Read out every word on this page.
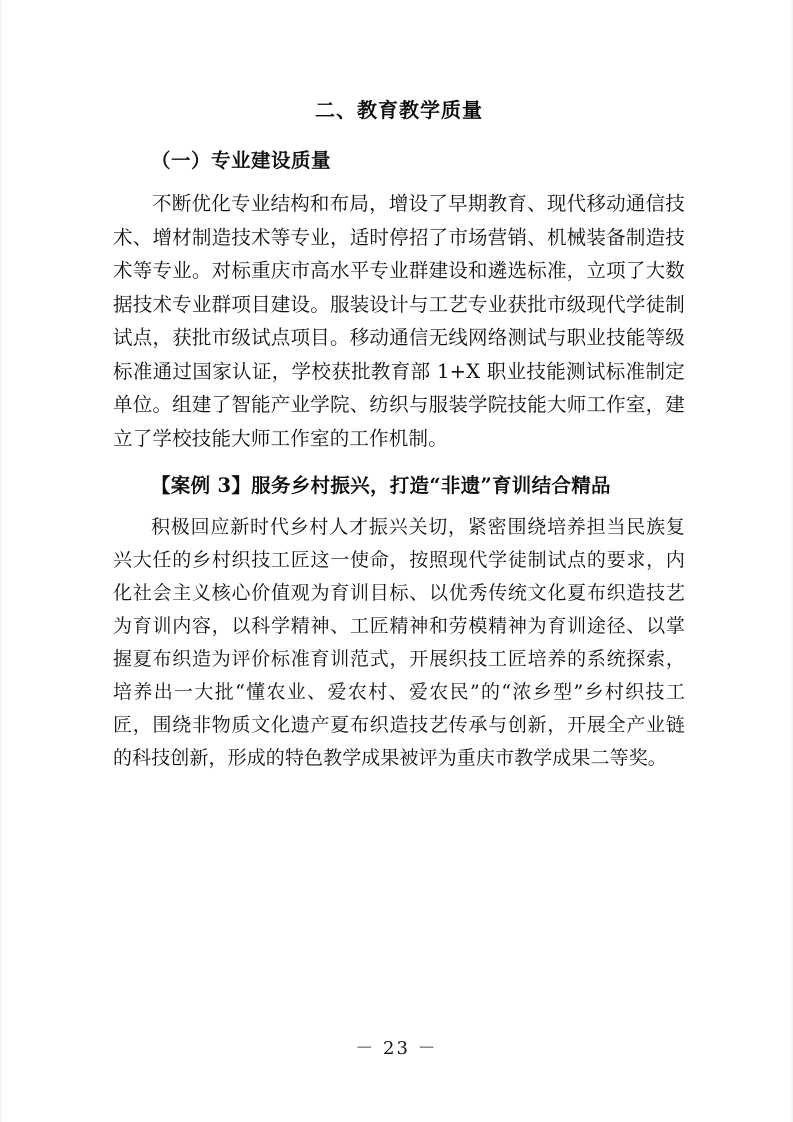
二、教育教学质量
（一）专业建设质量

不断优化专业结构和布局，增设了早期教育、现代移动通信技术、增材制造技术等专业，适时停招了市场营销、机械装备制造技术等专业。对标重庆市高水平专业群建设和遴选标准，立项了大数据技术专业群项目建设。服装设计与工艺专业获批市级现代学徒制试点，获批市级试点项目。移动通信无线网络测试与职业技能等级标准通过国家认证，学校获批教育部 1+X 职业技能测试标准制定单位。组建了智能产业学院、纺织与服装学院技能大师工作室，建立了学校技能大师工作室的工作机制。

【案例 3】服务乡村振兴，打造“非遗”育训结合精品

积极回应新时代乡村人才振兴关切，紧密围绕培养担当民族复兴大任的乡村织技工匠这一使命，按照现代学徒制试点的要求，内化社会主义核心价值观为育训目标、以优秀传统文化夏布织造技艺为育训内容，以科学精神、工匠精神和劳模精神为育训途径、以掌握夏布织造为评价标准育训范式，开展织技工匠培养的系统探索，培养出一大批“懂农业、爱农村、爱农民”的“浓乡型”乡村织技工匠，围绕非物质文化遗产夏布织造技艺传承与创新，开展全产业链的科技创新，形成的特色教学成果被评为重庆市教学成果二等奖。

－ 23 －
